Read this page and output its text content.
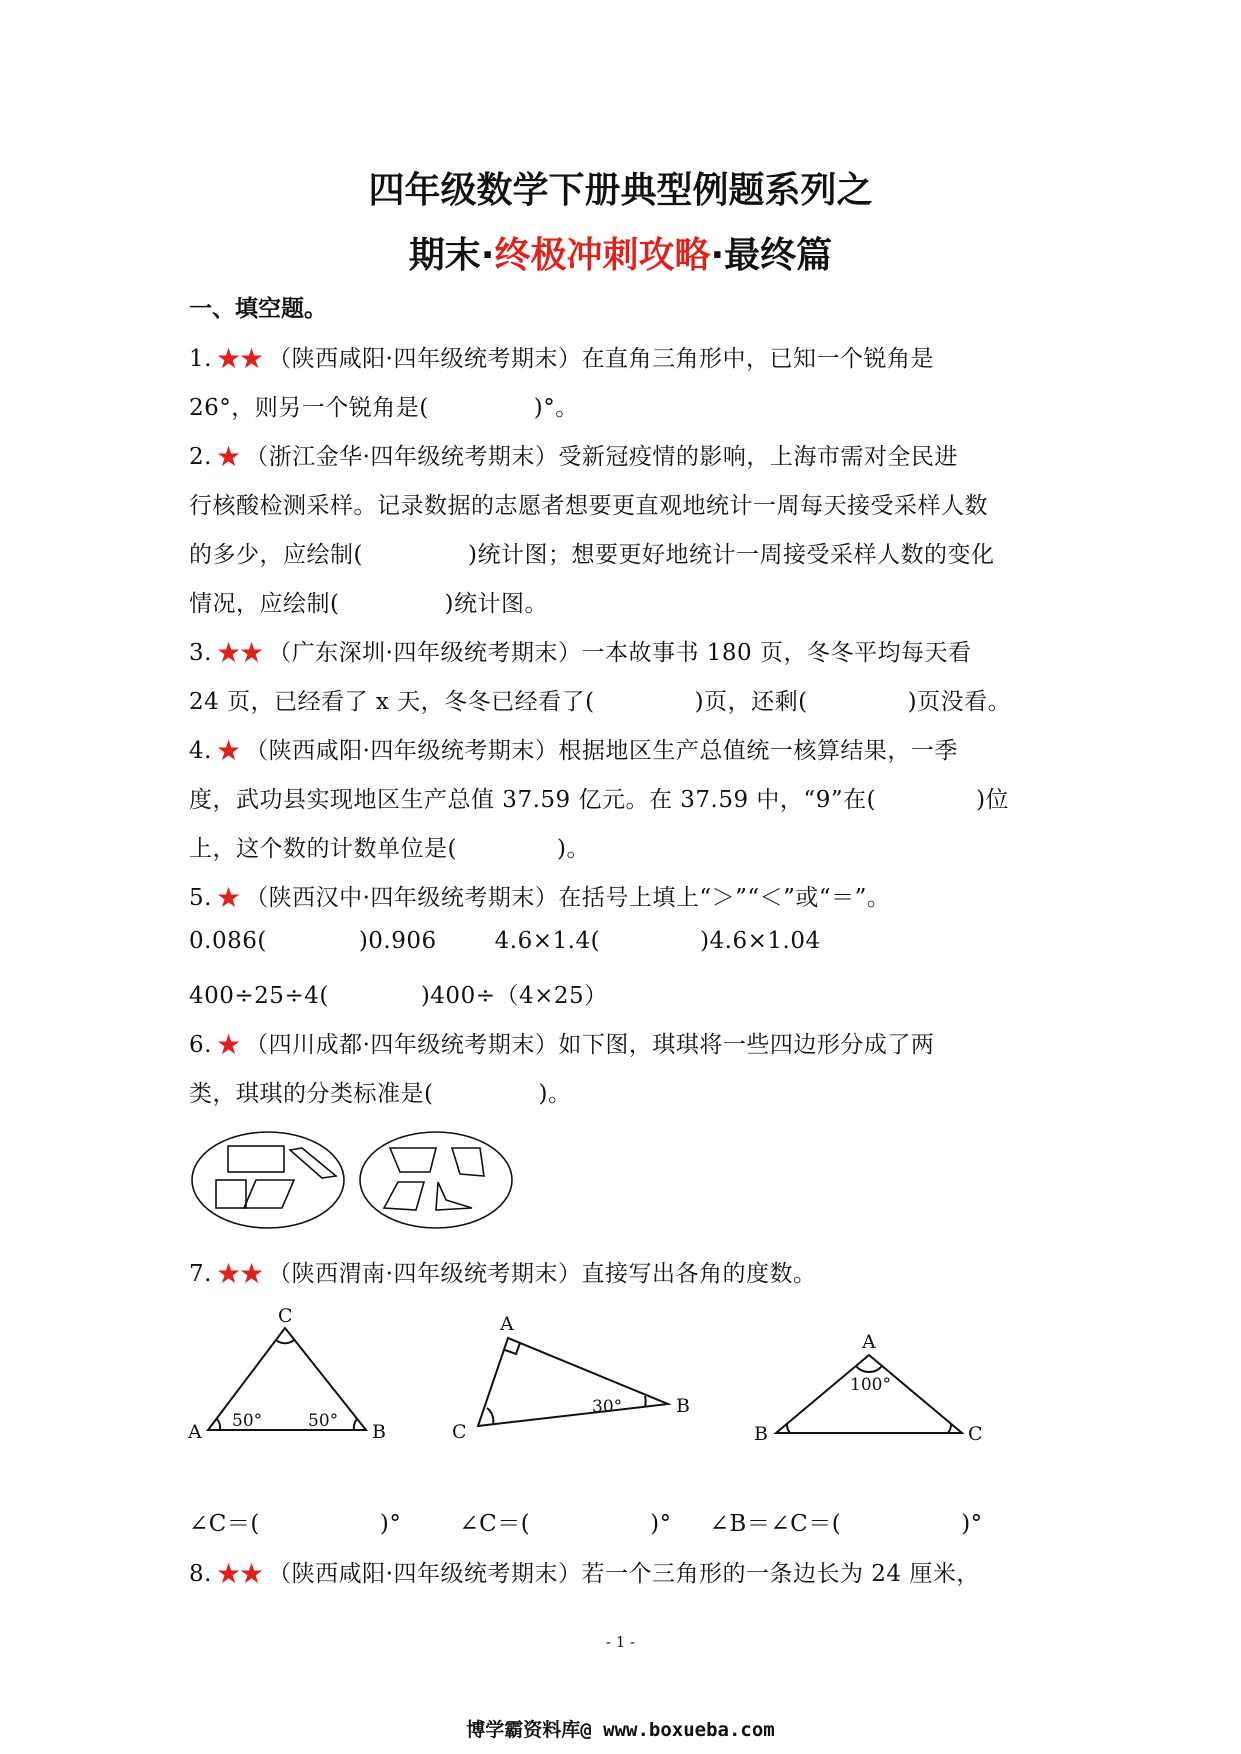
四年级数学下册典型例题系列之
期末·终极冲刺攻略·最终篇
一、填空题。
1. ★★ （陕西咸阳·四年级统考期末）在直角三角形中，已知一个锐角是
26°，则另一个锐角是(	)°。
2. ★ （浙江金华·四年级统考期末）受新冠疫情的影响，上海市需对全民进
行核酸检测采样。记录数据的志愿者想要更直观地统计一周每天接受采样人数
的多少，应绘制(	)统计图；想要更好地统计一周接受采样人数的变化
情况，应绘制(	)统计图。
3. ★★ （广东深圳·四年级统考期末）一本故事书 180 页，冬冬平均每天看
24 页，已经看了 x 天，冬冬已经看了(	)页，还剩(	)页没看。
4. ★ （陕西咸阳·四年级统考期末）根据地区生产总值统一核算结果，一季
度，武功县实现地区生产总值 37.59 亿元。在 37.59 中，“9”在(	)位
上，这个数的计数单位是(	)。
5. ★ （陕西汉中·四年级统考期末）在括号上填上“＞”“＜”或“＝”。
0.086(	)0.906	4.6×1.4(	)4.6×1.04
400÷25÷4(	)400÷（4×25）
6. ★ （四川成都·四年级统考期末）如下图，琪琪将一些四边形分成了两
类，琪琪的分类标准是(	)。
7. ★★ （陕西渭南·四年级统考期末）直接写出各角的度数。
C
A	B
50°	50°
A
C
B
30°
A
B	C
100°
∠C＝(	)°	∠C＝(	)° ∠B＝∠C＝(	)°
8. ★★ （陕西咸阳·四年级统考期末）若一个三角形的一条边长为 24 厘米，
- 1 -
博学霸资料库@ www.boxueba.com
